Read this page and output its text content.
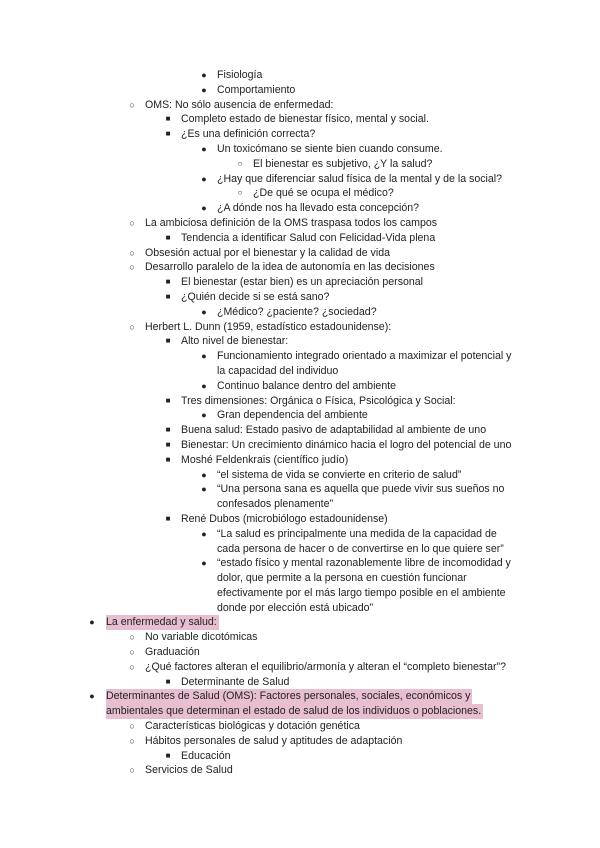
● Fisiología
● Comportamiento
○ OMS: No sólo ausencia de enfermedad:
■ Completo estado de bienestar físico, mental y social.
■ ¿Es una definición correcta?
● Un toxicómano se siente bien cuando consume.
○ El bienestar es subjetivo, ¿Y la salud?
● ¿Hay que diferenciar salud física de la mental y de la social?
○ ¿De qué se ocupa el médico?
● ¿A dónde nos ha llevado esta concepción?
○ La ambiciosa definición de la OMS traspasa todos los campos
■ Tendencia a identificar Salud con Felicidad-Vida plena
○ Obsesión actual por el bienestar y la calidad de vida
○ Desarrollo paralelo de la idea de autonomía en las decisiones
■ El bienestar (estar bien) es un apreciación personal
■ ¿Quién decide si se está sano?
● ¿Médico? ¿paciente? ¿sociedad?
○ Herbert L. Dunn (1959, estadístico estadounidense):
■ Alto nivel de bienestar:
● Funcionamiento integrado orientado a maximizar el potencial y
la capacidad del individuo
● Continuo balance dentro del ambiente
■ Tres dimensiones: Orgánica o Física, Psicológica y Social:
● Gran dependencia del ambiente
■ Buena salud: Estado pasivo de adaptabilidad al ambiente de uno
■ Bienestar: Un crecimiento dinámico hacia el logro del potencial de uno
■ Moshé Feldenkrais (científico judío)
● “el sistema de vida se convierte en criterio de salud”
● “Una persona sana es aquella que puede vivir sus sueños no
confesados plenamente”
■ René Dubos (microbiólogo estadounidense)
● “La salud es principalmente una medida de la capacidad de
cada persona de hacer o de convertirse en lo que quiere ser”
● “estado físico y mental razonablemente libre de incomodidad y
dolor, que permite a la persona en cuestión funcionar
efectivamente por el más largo tiempo posible en el ambiente
donde por elección está ubicado”
●	La enfermedad y salud:
○ No variable dicotómicas
○ Graduación
○ ¿Qué factores alteran el equilibrio/armonía y alteran el “completo bienestar”?
■ Determinante de Salud
●	Determinantes de Salud (OMS): Factores personales, sociales, económicos y
ambientales que determinan el estado de salud de los individuos o poblaciones.
○ Características biológicas y dotación genética
○ Hábitos personales de salud y aptitudes de adaptación
■ Educación
○ Servicios de Salud
